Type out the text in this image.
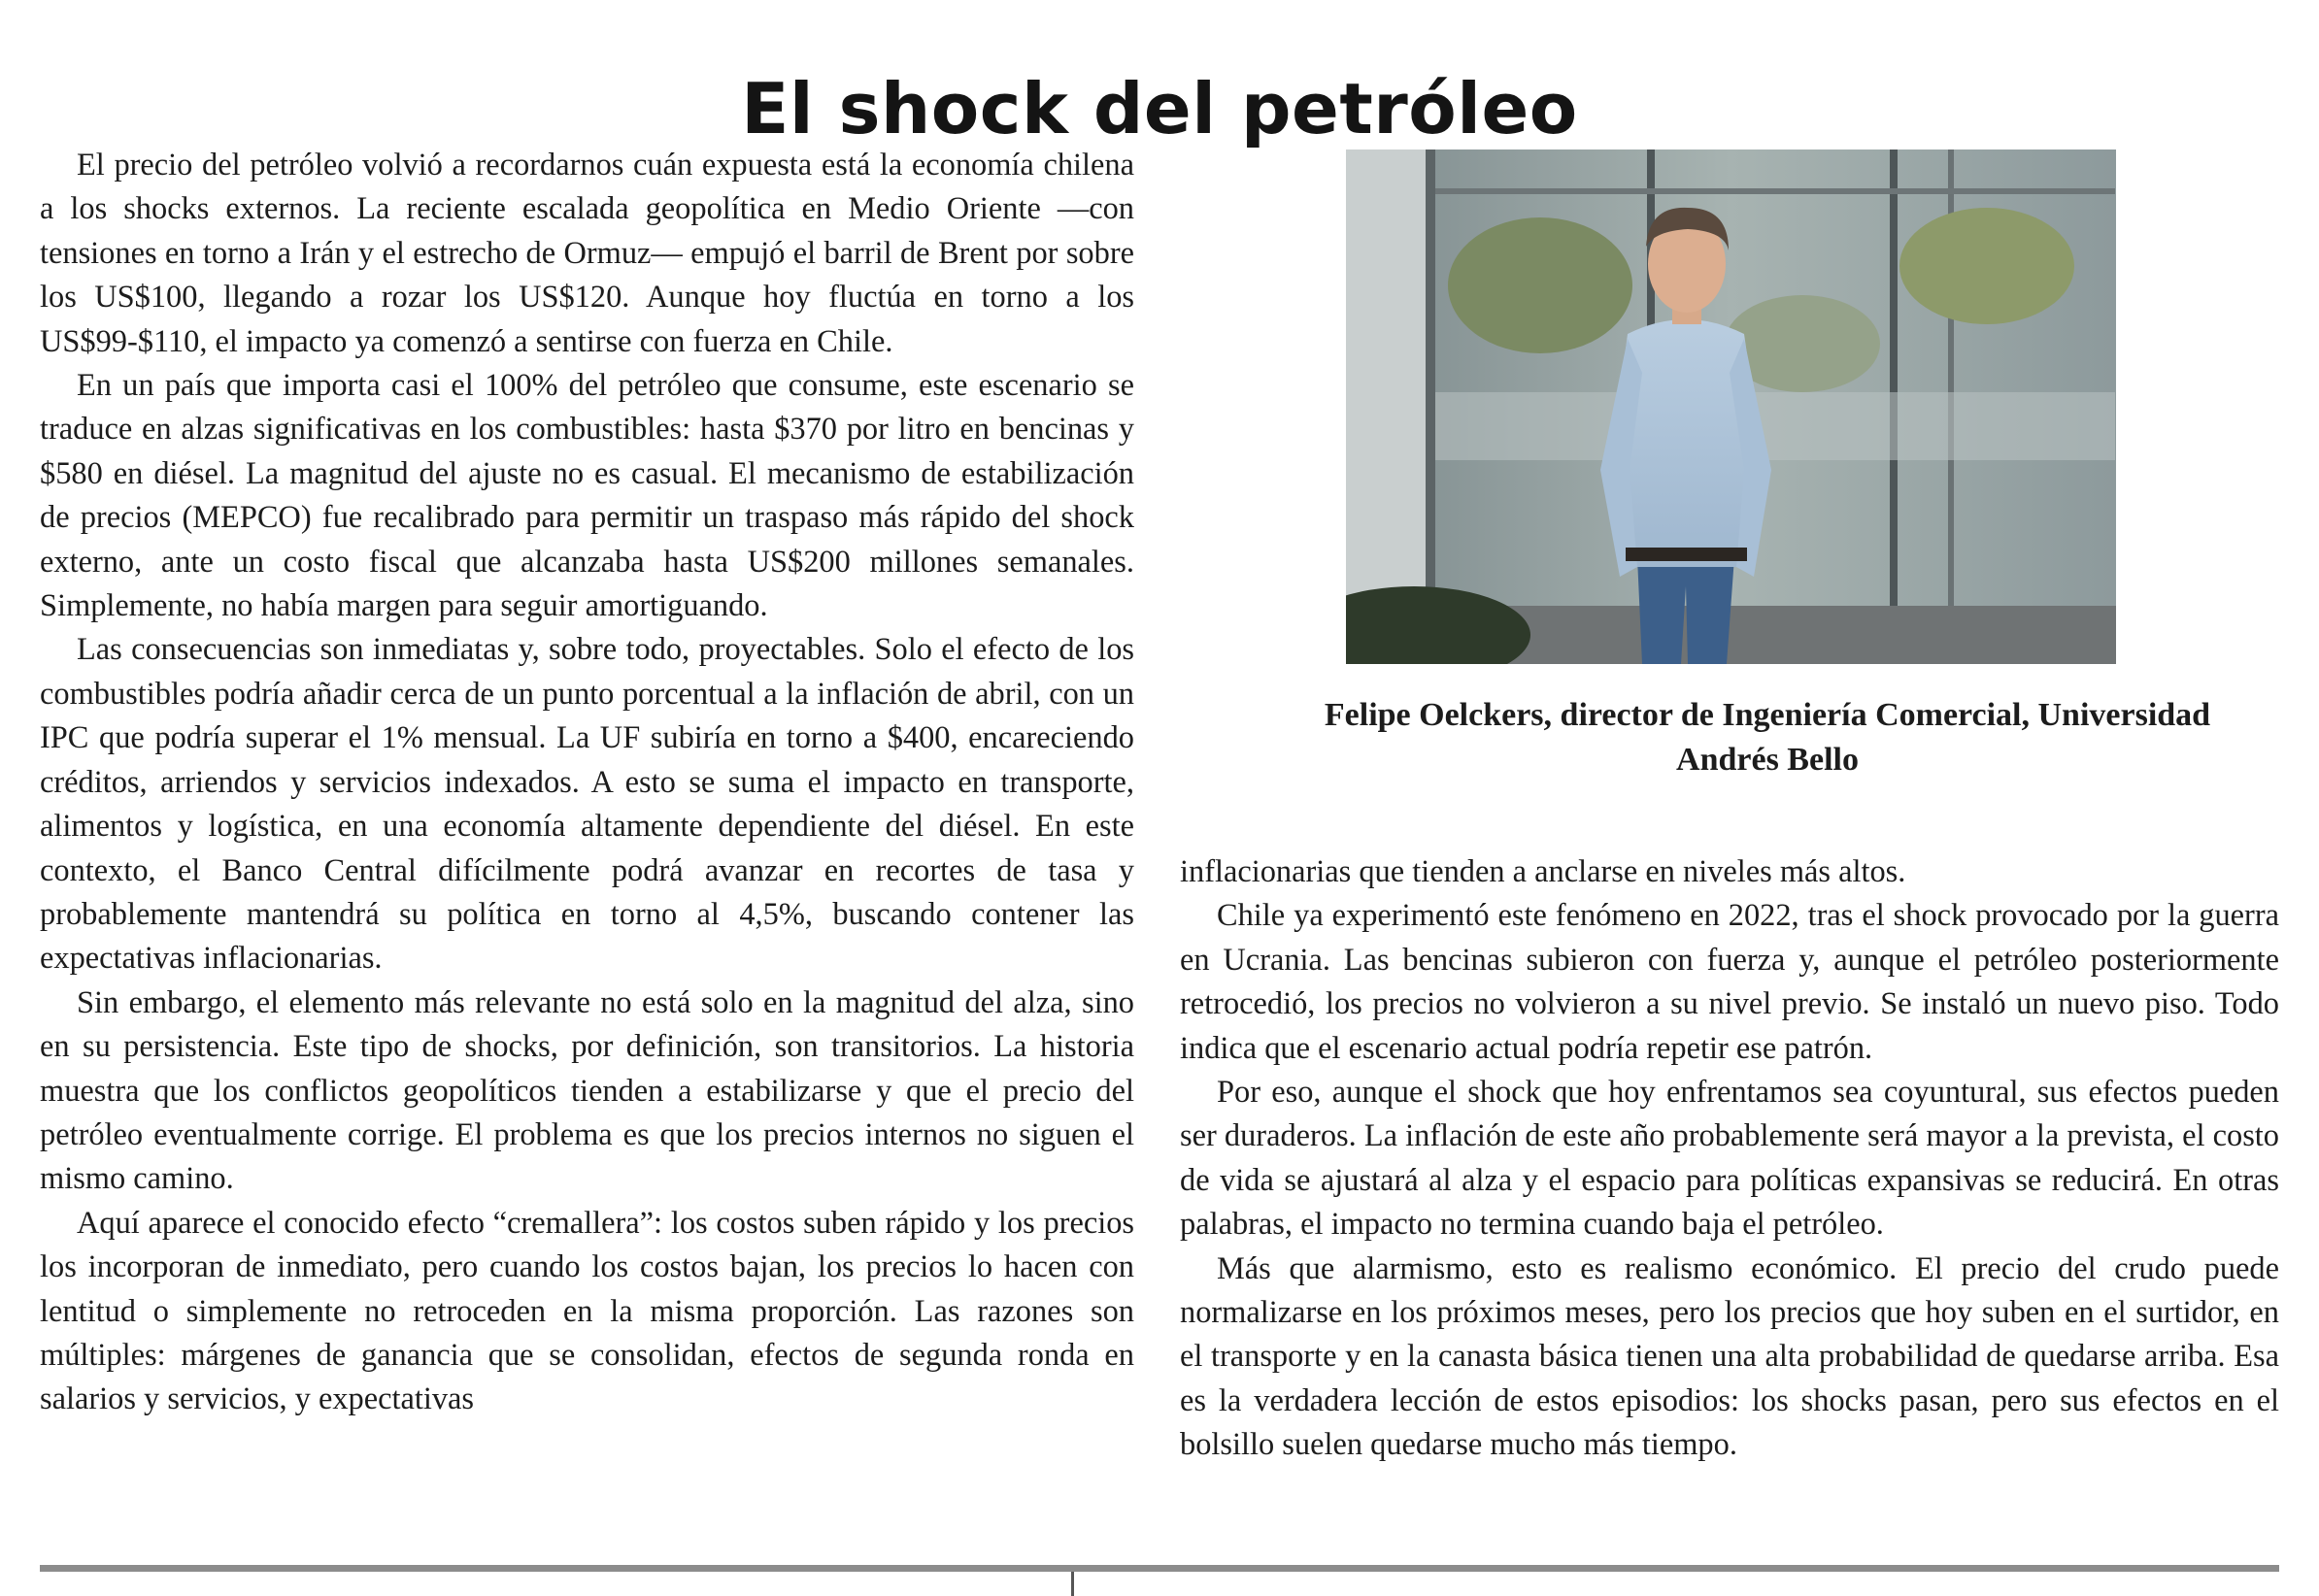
El shock del petróleo

El precio del petróleo volvió a recordarnos cuán expuesta está la economía chilena a los shocks externos. La reciente escalada geopolítica en Medio Oriente —con tensiones en torno a Irán y el estrecho de Ormuz— empujó el barril de Brent por sobre los US$100, llegando a rozar los US$120. Aunque hoy fluctúa en torno a los US$99-$110, el impacto ya comenzó a sentirse con fuerza en Chile.

En un país que importa casi el 100% del petróleo que consume, este escenario se traduce en alzas significativas en los combustibles: hasta $370 por litro en bencinas y $580 en diésel. La magnitud del ajuste no es casual. El mecanismo de estabilización de precios (MEPCO) fue recalibrado para permitir un traspaso más rápido del shock externo, ante un costo fiscal que alcanzaba hasta US$200 millones semanales. Simplemente, no había margen para seguir amortiguando.

Las consecuencias son inmediatas y, sobre todo, proyectables. Solo el efecto de los combustibles podría añadir cerca de un punto porcentual a la inflación de abril, con un IPC que podría superar el 1% mensual. La UF subiría en torno a $400, encareciendo créditos, arriendos y servicios indexados. A esto se suma el impacto en transporte, alimentos y logística, en una economía altamente dependiente del diésel. En este contexto, el Banco Central difícilmente podrá avanzar en recortes de tasa y probablemente mantendrá su política en torno al 4,5%, buscando contener las expectativas inflacionarias.

Sin embargo, el elemento más relevante no está solo en la magnitud del alza, sino en su persistencia. Este tipo de shocks, por definición, son transitorios. La historia muestra que los conflictos geopolíticos tienden a estabilizarse y que el precio del petróleo eventualmente corrige. El problema es que los precios internos no siguen el mismo camino.

Aquí aparece el conocido efecto “cremallera”: los costos suben rápido y los precios los incorporan de inmediato, pero cuando los costos bajan, los precios lo hacen con lentitud o simplemente no retroceden en la misma proporción. Las razones son múltiples: márgenes de ganancia que se consolidan, efectos de segunda ronda en salarios y servicios, y expectativas

Felipe Oelckers, director de Ingeniería Comercial, Universidad
Andrés Bello

inflacionarias que tienden a anclarse en niveles más altos.

Chile ya experimentó este fenómeno en 2022, tras el shock provocado por la guerra en Ucrania. Las bencinas subieron con fuerza y, aunque el petróleo posteriormente retrocedió, los precios no volvieron a su nivel previo. Se instaló un nuevo piso. Todo indica que el escenario actual podría repetir ese patrón.

Por eso, aunque el shock que hoy enfrentamos sea coyuntural, sus efectos pueden ser duraderos. La inflación de este año probablemente será mayor a la prevista, el costo de vida se ajustará al alza y el espacio para políticas expansivas se reducirá. En otras palabras, el impacto no termina cuando baja el petróleo.

Más que alarmismo, esto es realismo económico. El precio del crudo puede normalizarse en los próximos meses, pero los precios que hoy suben en el surtidor, en el transporte y en la canasta básica tienen una alta probabilidad de quedarse arriba. Esa es la verdadera lección de estos episodios: los shocks pasan, pero sus efectos en el bolsillo suelen quedarse mucho más tiempo.
